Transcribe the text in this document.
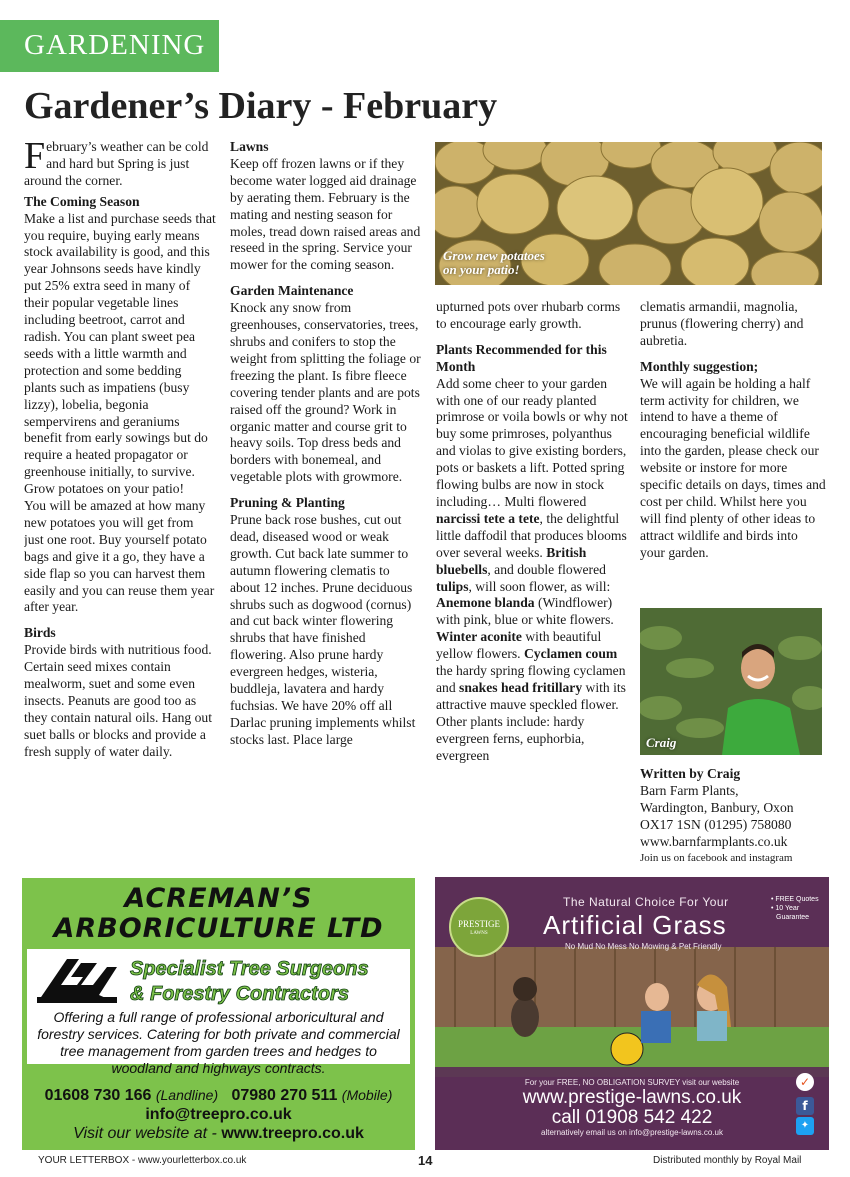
GARDENING
Gardener’s Diary - February

February’s weather can be cold and hard but Spring is just around the corner.

The Coming Season

Make a list and purchase seeds that you require, buying early means stock availability is good, and this year Johnsons seeds have kindly put 25% extra seed in many of their popular vegetable lines including beetroot, carrot and radish. You can plant sweet pea seeds with a little warmth and protection and some bedding plants such as impatiens (busy lizzy), lobelia, begonia sempervirens and geraniums benefit from early sowings but do require a heated propagator or greenhouse initially, to survive. Grow potatoes on your patio!

You will be amazed at how many new potatoes you will get from just one root. Buy yourself potato bags and give it a go, they have a side flap so you can harvest them easily and you can reuse them year after year.

Birds

Provide birds with nutritious food. Certain seed mixes contain mealworm, suet and some even insects. Peanuts are good too as they contain natural oils. Hang out suet balls or blocks and provide a fresh supply of water daily.

Lawns

Keep off frozen lawns or if they become water logged aid drainage by aerating them. February is the mating and nesting season for moles, tread down raised areas and reseed in the spring. Service your mower for the coming season.

Garden Maintenance

Knock any snow from greenhouses, conservatories, trees, shrubs and conifers to stop the weight from splitting the foliage or freezing the plant. Is fibre fleece covering tender plants and are pots raised off the ground? Work in organic matter and course grit to heavy soils. Top dress beds and borders with bonemeal, and vegetable plots with growmore.

Pruning & Planting

Prune back rose bushes, cut out dead, diseased wood or weak growth. Cut back late summer to autumn flowering clematis to about 12 inches. Prune deciduous shrubs such as dogwood (cornus) and cut back winter flowering shrubs that have finished flowering. Also prune hardy evergreen hedges, wisteria, buddleja, lavatera and hardy fuchsias. We have 20% off all Darlac pruning implements whilst stocks last. Place large

Grow new potatoes
on your patio!

upturned pots over rhubarb corms to encourage early growth.

Plants Recommended for this Month

Add some cheer to your garden with one of our ready planted primrose or voila bowls or why not buy some primroses, polyanthus and violas to give existing borders, pots or baskets a lift. Potted spring flowing bulbs are now in stock including… Multi flowered narcissi tete a tete, the delightful little daffodil that produces blooms over several weeks. British bluebells, and double flowered tulips, will soon flower, as will: Anemone blanda (Windflower) with pink, blue or white flowers. Winter aconite with beautiful yellow flowers. Cyclamen coum the hardy spring flowing cyclamen and snakes head fritillary with its attractive mauve speckled flower. Other plants include: hardy evergreen ferns, euphorbia, evergreen

clematis armandii, magnolia, prunus (flowering cherry) and aubretia.

Monthly suggestion;

We will again be holding a half term activity for children, we intend to have a theme of encouraging beneficial wildlife into the garden, please check our website or instore for more specific details on days, times and cost per child. Whilst here you will find plenty of other ideas to attract wildlife and birds into your garden.

Craig
Written by Craig
Barn Farm Plants,
Wardington, Banbury, Oxon
OX17 1SN (01295) 758080
www.barnfarmplants.co.uk
Join us on facebook and instagram
ACREMAN’S
ARBORICULTURE LTD
Specialist Tree Surgeons
& Forestry Contractors
Offering a full range of professional arboricultural and forestry services. Catering for both private and commercial tree management from garden trees and hedges to woodland and highways contracts.
01608 730 166 (Landline) 07980 270 511 (Mobile)
info@treepro.co.uk
Visit our website at - www.treepro.co.uk
PRESTIGE
LAWNS
The Natural Choice For Your
Artificial Grass
No Mud No Mess No Mowing & Pet Friendly
• FREE Quotes
• 10 Year
Guarantee
For your FREE, NO OBLIGATION SURVEY visit our website
www.prestige-lawns.co.uk
call 01908 542 422
alternatively email us on info@prestige-lawns.co.uk
✓
f
✦
YOUR LETTERBOX - www.yourletterbox.co.uk	14	Distributed monthly by Royal Mail
